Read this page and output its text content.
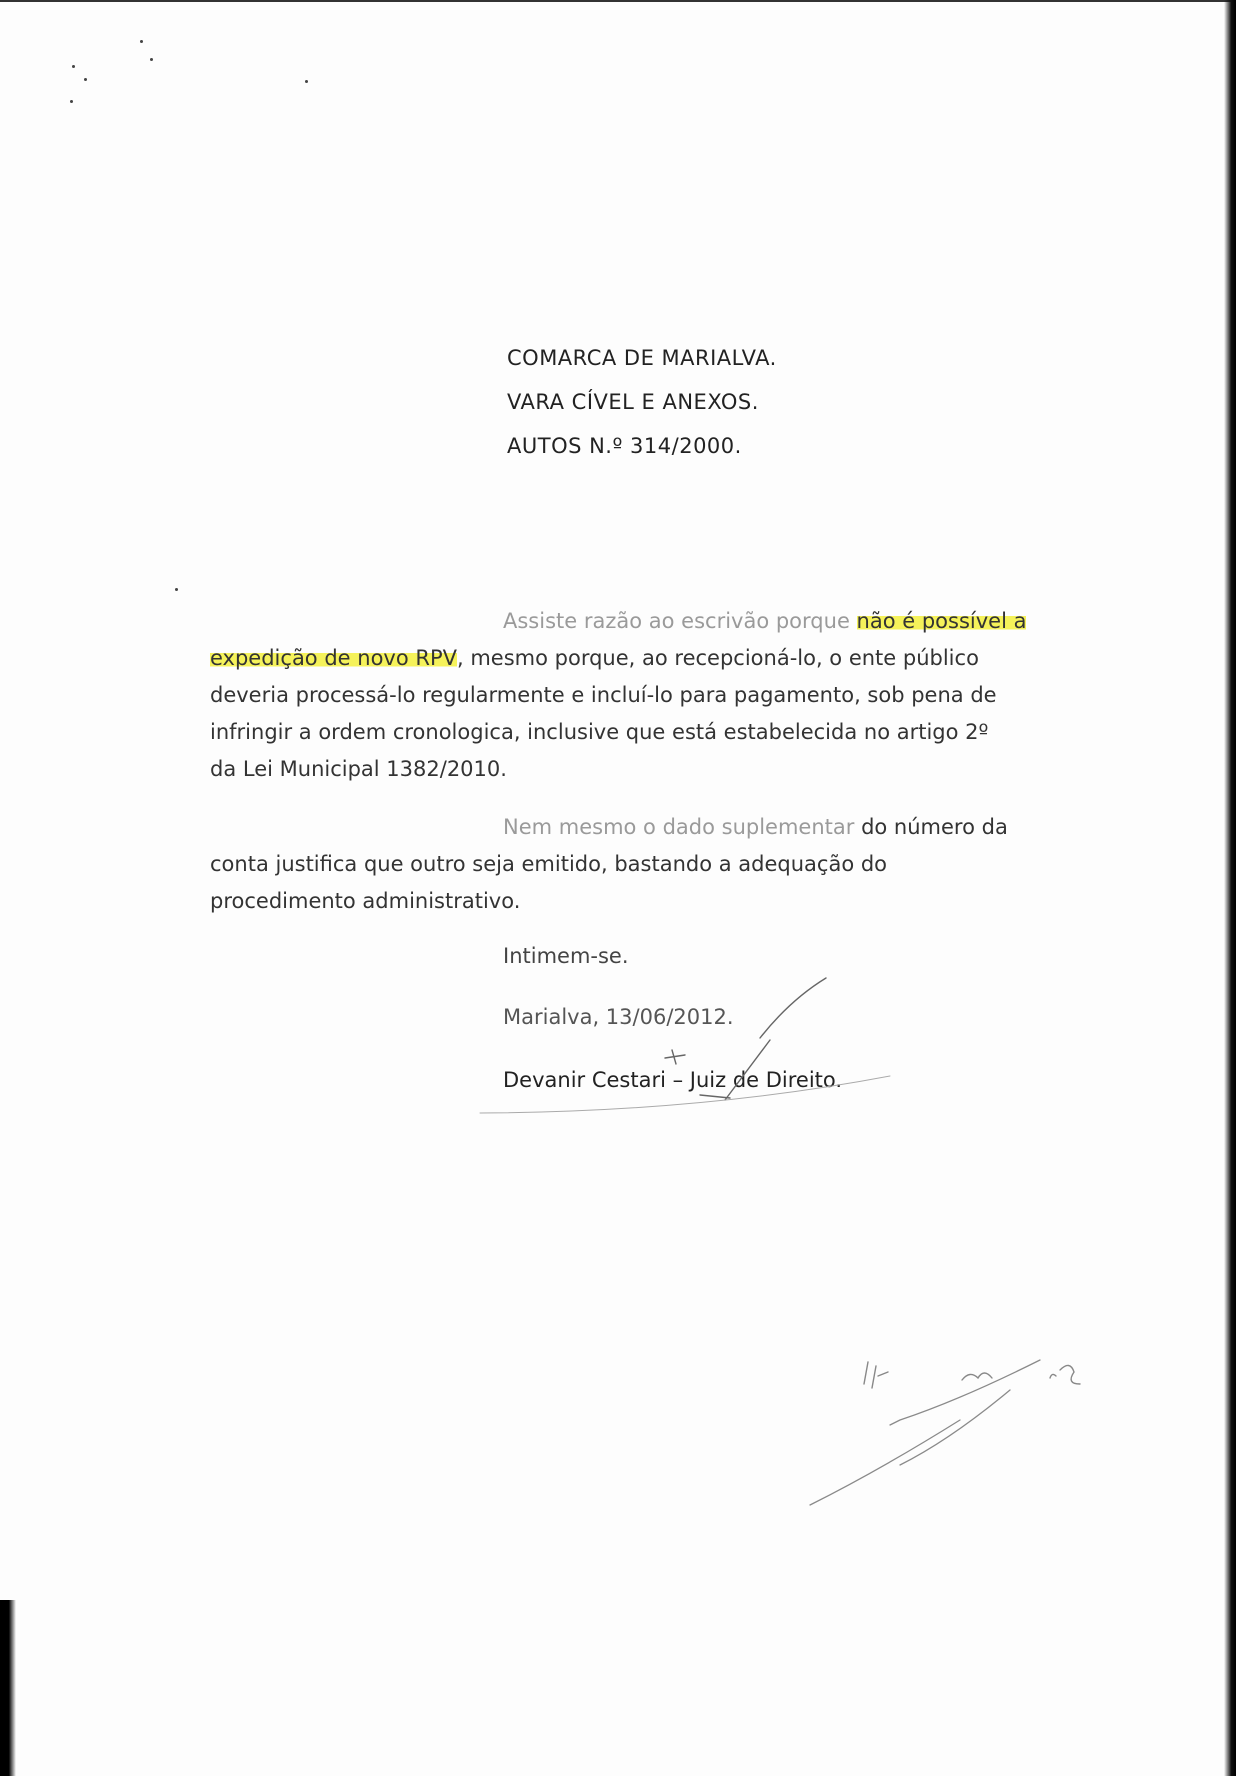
COMARCA DE MARIALVA.
VARA CÍVEL E ANEXOS.
AUTOS N.º 314/2000.
Assiste razão ao escrivão porque não é possível a
expedição de novo RPV, mesmo porque, ao recepcioná-lo, o ente público
deveria processá-lo regularmente e incluí-lo para pagamento, sob pena de
infringir a ordem cronologica, inclusive que está estabelecida no artigo 2º
da Lei Municipal 1382/2010.
Nem mesmo o dado suplementar do número da
conta justifica que outro seja emitido, bastando a adequação do
procedimento administrativo.
Intimem-se.
Marialva, 13/06/2012.
Devanir Cestari – Juiz de Direito.
